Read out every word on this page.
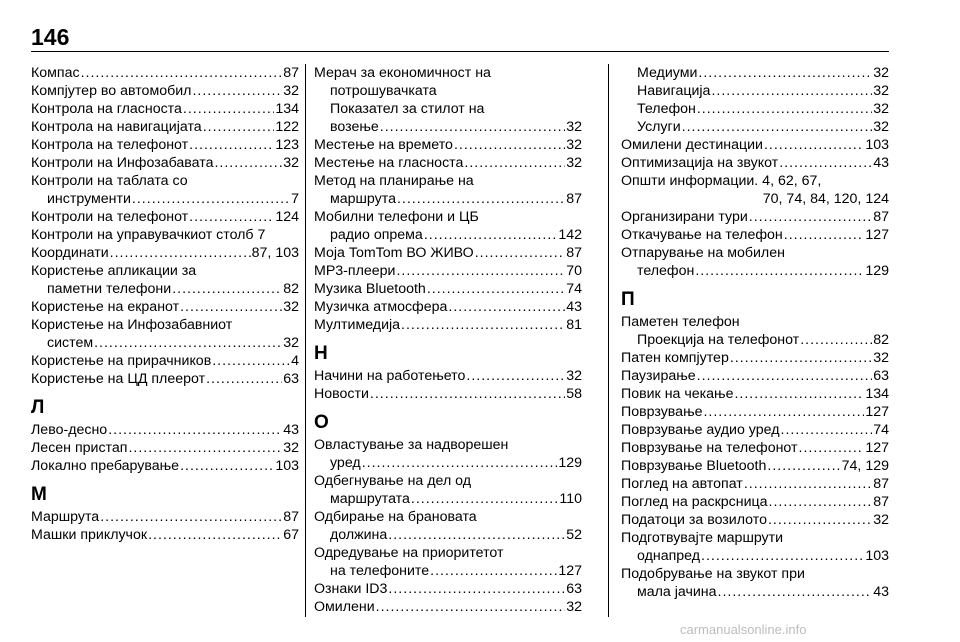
146
Компас .....	87
Компјутер во автомобил .....	32
Контрола на гласноста .....	134
Контрола на навигацијата .....	122
Контрола на телефонот .....	123
Контроли на Инфозабавата .....	32
Контроли на таблата со
инструменти .....	7
Контроли на телефонот .....	124
Контроли на управувачкиот столб 7
Координати .....	87, 103
Користење апликации за
паметни телефони .....	82
Користење на екранот .....	32
Користење на Инфозабавниот
систем .....	32
Користење на прирачников .....	4
Користење на ЦД плеерот .....	63
Л
Лево-десно .....	43
Лесен пристап .....	32
Локално пребарување .....	103
М
Маршрута .....	87
Машки приклучок .....	67
Мерач за економичност на
потрошувачката
Показател за стилот на
возење .....	32
Местење на времето .....	32
Местење на гласноста .....	32
Метод на планирање на
маршрута .....	87
Мобилни телефони и ЦБ
радио опрема .....	142
Моја TomTom ВО ЖИВО .....	87
MP3-плеери .....	70
Музика Bluetooth .....	74
Музичка атмосфера .....	43
Мултимедија .....	81
Н
Начини на работењето .....	32
Новости .....	58
О
Овластување за надворешен
уред .....	129
Одбегнување на дел од
маршрутата .....	110
Одбирање на брановата
должина .....	52
Одредување на приоритетот
на телефоните .....	127
Ознаки ID3 .....	63
Омилени .....	32
Медиуми .....	32
Навигација .....	32
Телефон .....	32
Услуги .....	32
Омилени дестинации .....	103
Оптимизација на звукот .....	43
Општи информации. 4, 62, 67,
70, 74, 84, 120, 124
Организирани тури .....	87
Откачување на телефон .....	127
Отпарување на мобилен
телефон .....	129
П
Паметен телефон
Проекција на телефонот .....	82
Патен компјутер .....	32
Паузирање .....	63
Повик на чекање .....	134
Поврзување .....	127
Поврзување аудио уред .....	74
Поврзување на телефонот .....	127
Поврзување Bluetooth .....	74, 129
Поглед на автопат .....	87
Поглед на раскрсница .....	87
Податоци за возилото .....	32
Подготвувајте маршрути
однапред .....	103
Подобрување на звукот при
мала јачина .....	43
carmanualsonline.info
